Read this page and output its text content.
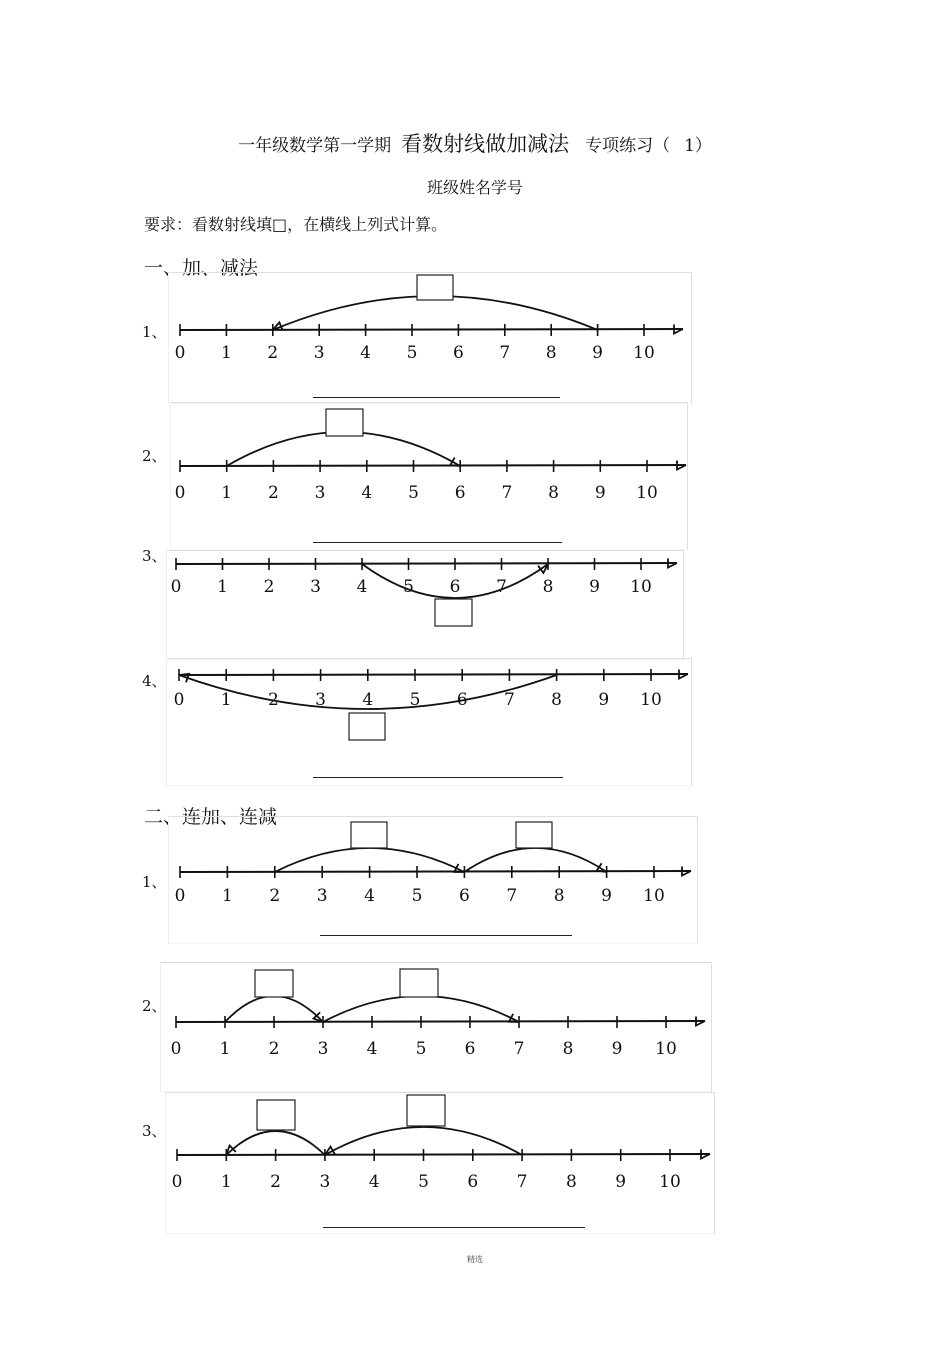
一年级数学第一学期 看数射线做加减法 专项练习（ 1）
班级姓名学号
要求：看数射线填□，在横线上列式计算。
一、加、减法
二、连加、连减
1、
2、
3、
4、
1、
2、
3、
0 1 2 3 4 5 6 7 8 9 10
0 1 2 3 4 5 6 7 8 9 10
0 1 2 3 4 5 6 7 8 9 10
0 1 2 3 4 5 6 7 8 9 10
0 1 2 3 4 5 6 7 8 9 10
0 1 2 3 4 5 6 7 8 9 10
0 1 2 3 4 5 6 7 8 9 10
精选
